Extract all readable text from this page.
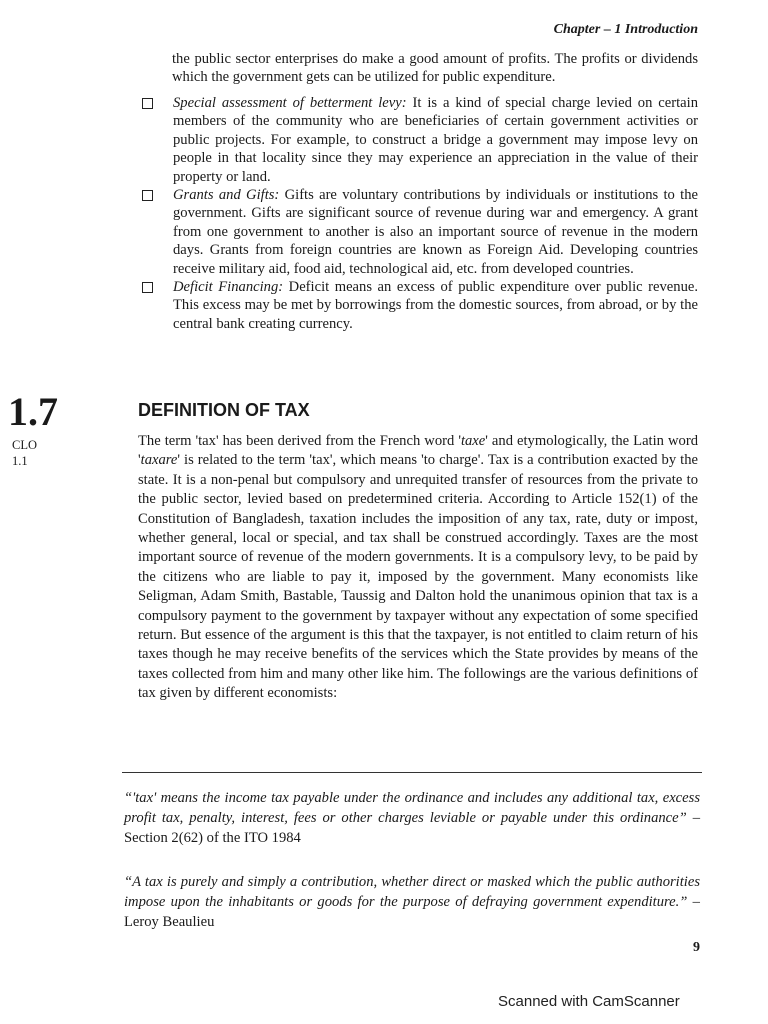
Chapter – 1 Introduction
the public sector enterprises do make a good amount of profits. The profits or dividends which the government gets can be utilized for public expenditure.
Special assessment of betterment levy: It is a kind of special charge levied on certain members of the community who are beneficiaries of certain government activities or public projects. For example, to construct a bridge a government may impose levy on people in that locality since they may experience an appreciation in the value of their property or land.
Grants and Gifts: Gifts are voluntary contributions by individuals or institutions to the government. Gifts are significant source of revenue during war and emergency. A grant from one government to another is also an important source of revenue in the modern days. Grants from foreign countries are known as Foreign Aid. Developing countries receive military aid, food aid, technological aid, etc. from developed countries.
Deficit Financing: Deficit means an excess of public expenditure over public revenue. This excess may be met by borrowings from the domestic sources, from abroad, or by the central bank creating currency.
1.7
CLO
1.1
DEFINITION OF TAX
The term 'tax' has been derived from the French word 'taxe' and etymologically, the Latin word 'taxare' is related to the term 'tax', which means 'to charge'. Tax is a contribution exacted by the state. It is a non-penal but compulsory and unrequited transfer of resources from the private to the public sector, levied based on predetermined criteria. According to Article 152(1) of the Constitution of Bangladesh, taxation includes the imposition of any tax, rate, duty or impost, whether general, local or special, and tax shall be construed accordingly. Taxes are the most important source of revenue of the modern governments. It is a compulsory levy, to be paid by the citizens who are liable to pay it, imposed by the government. Many economists like Seligman, Adam Smith, Bastable, Taussig and Dalton hold the unanimous opinion that tax is a compulsory payment to the government by taxpayer without any expectation of some specified return. But essence of the argument is this that the taxpayer, is not entitled to claim return of his taxes though he may receive benefits of the services which the State provides by means of the taxes collected from him and many other like him. The followings are the various definitions of tax given by different economists:
“'tax' means the income tax payable under the ordinance and includes any additional tax, excess profit tax, penalty, interest, fees or other charges leviable or payable under this ordinance” – Section 2(62) of the ITO 1984
“A tax is purely and simply a contribution, whether direct or masked which the public authorities impose upon the inhabitants or goods for the purpose of defraying government expenditure.” – Leroy Beaulieu
9
Scanned with CamScanner
